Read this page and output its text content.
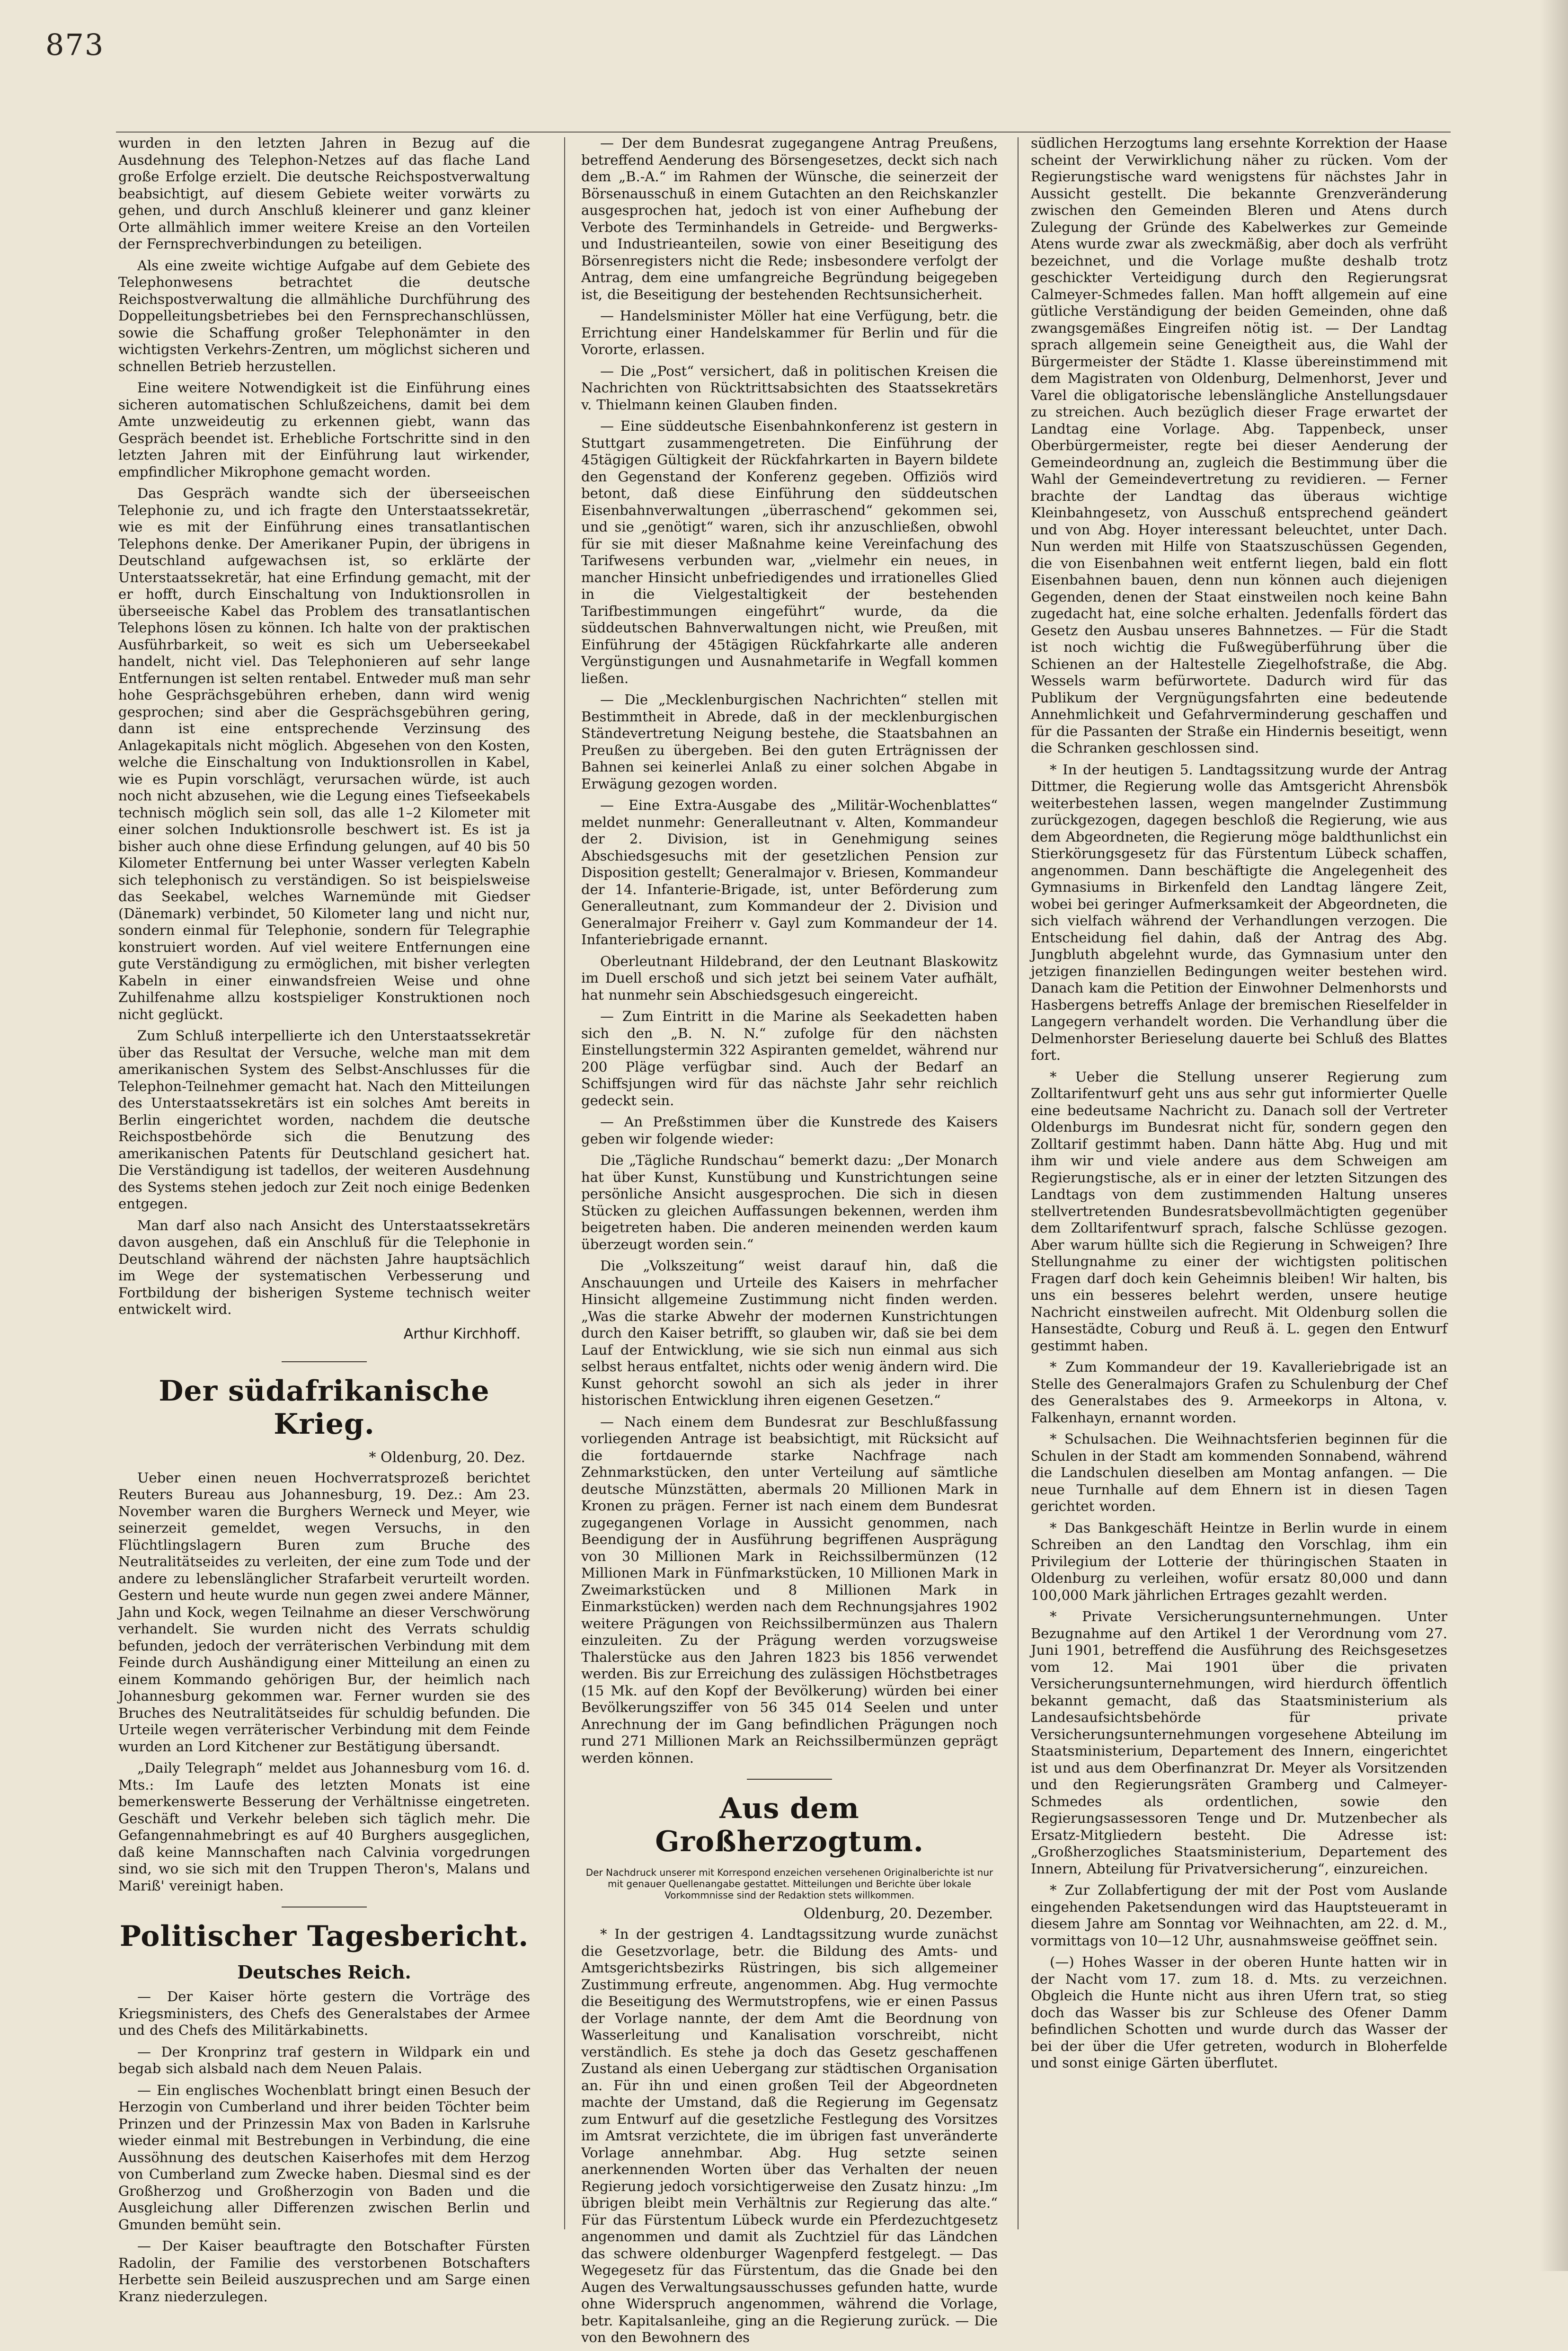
873

wurden in den letzten Jahren in Bezug auf die Ausdehnung des Telephon-Netzes auf das flache Land große Erfolge erzielt. Die deutsche Reichspostverwaltung beabsichtigt, auf diesem Gebiete weiter vorwärts zu gehen, und durch Anschluß kleinerer und ganz kleiner Orte allmählich immer weitere Kreise an den Vorteilen der Fernsprechverbindungen zu beteiligen.

Als eine zweite wichtige Aufgabe auf dem Gebiete des Telephonwesens betrachtet die deutsche Reichspostverwaltung die allmähliche Durchführung des Doppelleitungsbetriebes bei den Fernsprechanschlüssen, sowie die Schaffung großer Telephonämter in den wichtigsten Verkehrs-Zentren, um möglichst sicheren und schnellen Betrieb herzustellen.

Eine weitere Notwendigkeit ist die Einführung eines sicheren automatischen Schlußzeichens, damit bei dem Amte unzweideutig zu erkennen giebt, wann das Gespräch beendet ist. Erhebliche Fortschritte sind in den letzten Jahren mit der Einführung laut wirkender, empfindlicher Mikrophone gemacht worden.

Das Gespräch wandte sich der überseeischen Telephonie zu, und ich fragte den Unterstaatssekretär, wie es mit der Einführung eines transatlantischen Telephons denke. Der Amerikaner Pupin, der übrigens in Deutschland aufgewachsen ist, so erklärte der Unterstaatssekretär, hat eine Erfindung gemacht, mit der er hofft, durch Einschaltung von Induktionsrollen in überseeische Kabel das Problem des transatlantischen Telephons lösen zu können. Ich halte von der praktischen Ausführbarkeit, so weit es sich um Ueberseekabel handelt, nicht viel. Das Telephonieren auf sehr lange Entfernungen ist selten rentabel. Entweder muß man sehr hohe Gesprächsgebühren erheben, dann wird wenig gesprochen; sind aber die Gesprächsgebühren gering, dann ist eine entsprechende Verzinsung des Anlagekapitals nicht möglich. Abgesehen von den Kosten, welche die Einschaltung von Induktionsrollen in Kabel, wie es Pupin vorschlägt, verursachen würde, ist auch noch nicht abzusehen, wie die Legung eines Tiefseekabels technisch möglich sein soll, das alle 1–2 Kilometer mit einer solchen Induktionsrolle beschwert ist. Es ist ja bisher auch ohne diese Erfindung gelungen, auf 40 bis 50 Kilometer Entfernung bei unter Wasser verlegten Kabeln sich telephonisch zu verständigen. So ist beispielsweise das Seekabel, welches Warnemünde mit Giedser (Dänemark) verbindet, 50 Kilometer lang und nicht nur, sondern einmal für Telephonie, sondern für Telegraphie konstruiert worden. Auf viel weitere Entfernungen eine gute Verständigung zu ermöglichen, mit bisher verlegten Kabeln in einer einwandsfreien Weise und ohne Zuhilfenahme allzu kostspieliger Konstruktionen noch nicht geglückt.

Zum Schluß interpellierte ich den Unterstaatssekretär über das Resultat der Versuche, welche man mit dem amerikanischen System des Selbst-Anschlusses für die Telephon-Teilnehmer gemacht hat. Nach den Mitteilungen des Unterstaatssekretärs ist ein solches Amt bereits in Berlin eingerichtet worden, nachdem die deutsche Reichspostbehörde sich die Benutzung des amerikanischen Patents für Deutschland gesichert hat. Die Verständigung ist tadellos, der weiteren Ausdehnung des Systems stehen jedoch zur Zeit noch einige Bedenken entgegen.

Man darf also nach Ansicht des Unterstaatssekretärs davon ausgehen, daß ein Anschluß für die Telephonie in Deutschland während der nächsten Jahre hauptsächlich im Wege der systematischen Verbesserung und Fortbildung der bisherigen Systeme technisch weiter entwickelt wird.

Arthur Kirchhoff.
Der südafrikanische Krieg.
* Oldenburg, 20. Dez.

Ueber einen neuen Hochverratsprozeß berichtet Reuters Bureau aus Johannesburg, 19. Dez.: Am 23. November waren die Burghers Werneck und Meyer, wie seinerzeit gemeldet, wegen Versuchs, in den Flüchtlingslagern Buren zum Bruche des Neutralitätseides zu verleiten, der eine zum Tode und der andere zu lebenslänglicher Strafarbeit verurteilt worden. Gestern und heute wurde nun gegen zwei andere Männer, Jahn und Kock, wegen Teilnahme an dieser Verschwörung verhandelt. Sie wurden nicht des Verrats schuldig befunden, jedoch der verräterischen Verbindung mit dem Feinde durch Aushändigung einer Mitteilung an einen zu einem Kommando gehörigen Bur, der heimlich nach Johannesburg gekommen war. Ferner wurden sie des Bruches des Neutralitätseides für schuldig befunden. Die Urteile wegen verräterischer Verbindung mit dem Feinde wurden an Lord Kitchener zur Bestätigung übersandt.

„Daily Telegraph“ meldet aus Johannesburg vom 16. d. Mts.: Im Laufe des letzten Monats ist eine bemerkenswerte Besserung der Verhältnisse eingetreten. Geschäft und Verkehr beleben sich täglich mehr. Die Gefangennahmebringt es auf 40 Burghers ausgeglichen, daß keine Mannschaften nach Calvinia vorgedrungen sind, wo sie sich mit den Truppen Theron's, Malans und Mariß' vereinigt haben.

Politischer Tagesbericht.
Deutsches Reich.

— Der Kaiser hörte gestern die Vorträge des Kriegsministers, des Chefs des Generalstabes der Armee und des Chefs des Militärkabinetts.

— Der Kronprinz traf gestern in Wildpark ein und begab sich alsbald nach dem Neuen Palais.

— Ein englisches Wochenblatt bringt einen Besuch der Herzogin von Cumberland und ihrer beiden Töchter beim Prinzen und der Prinzessin Max von Baden in Karlsruhe wieder einmal mit Bestrebungen in Verbindung, die eine Aussöhnung des deutschen Kaiserhofes mit dem Herzog von Cumberland zum Zwecke haben. Diesmal sind es der Großherzog und Großherzogin von Baden und die Ausgleichung aller Differenzen zwischen Berlin und Gmunden bemüht sein.

— Der Kaiser beauftragte den Botschafter Fürsten Radolin, der Familie des verstorbenen Botschafters Herbette sein Beileid auszusprechen und am Sarge einen Kranz niederzulegen.

— Der dem Bundesrat zugegangene Antrag Preußens, betreffend Aenderung des Börsengesetzes, deckt sich nach dem „B.-A.“ im Rahmen der Wünsche, die seinerzeit der Börsenausschuß in einem Gutachten an den Reichskanzler ausgesprochen hat, jedoch ist von einer Aufhebung der Verbote des Terminhandels in Getreide- und Bergwerks- und Industrieanteilen, sowie von einer Beseitigung des Börsenregisters nicht die Rede; insbesondere verfolgt der Antrag, dem eine umfangreiche Begründung beigegeben ist, die Beseitigung der bestehenden Rechtsunsicherheit.

— Handelsminister Möller hat eine Verfügung, betr. die Errichtung einer Handelskammer für Berlin und für die Vororte, erlassen.

— Die „Post“ versichert, daß in politischen Kreisen die Nachrichten von Rücktrittsabsichten des Staatssekretärs v. Thielmann keinen Glauben finden.

— Eine süddeutsche Eisenbahnkonferenz ist gestern in Stuttgart zusammengetreten. Die Einführung der 45tägigen Gültigkeit der Rückfahrkarten in Bayern bildete den Gegenstand der Konferenz gegeben. Offiziös wird betont, daß diese Einführung den süddeutschen Eisenbahnverwaltungen „überraschend“ gekommen sei, und sie „genötigt“ waren, sich ihr anzuschließen, obwohl für sie mit dieser Maßnahme keine Vereinfachung des Tarifwesens verbunden war, „vielmehr ein neues, in mancher Hinsicht unbefriedigendes und irrationelles Glied in die Vielgestaltigkeit der bestehenden Tarifbestimmungen eingeführt“ wurde, da die süddeutschen Bahnverwaltungen nicht, wie Preußen, mit Einführung der 45tägigen Rückfahrkarte alle anderen Vergünstigungen und Ausnahmetarife in Wegfall kommen ließen.

— Die „Mecklenburgischen Nachrichten“ stellen mit Bestimmtheit in Abrede, daß in der mecklenburgischen Ständevertretung Neigung bestehe, die Staatsbahnen an Preußen zu übergeben. Bei den guten Erträgnissen der Bahnen sei keinerlei Anlaß zu einer solchen Abgabe in Erwägung gezogen worden.

— Eine Extra-Ausgabe des „Militär-Wochenblattes“ meldet nunmehr: Generalleutnant v. Alten, Kommandeur der 2. Division, ist in Genehmigung seines Abschiedsgesuchs mit der gesetzlichen Pension zur Disposition gestellt; Generalmajor v. Briesen, Kommandeur der 14. Infanterie-Brigade, ist, unter Beförderung zum Generalleutnant, zum Kommandeur der 2. Division und Generalmajor Freiherr v. Gayl zum Kommandeur der 14. Infanteriebrigade ernannt.

Oberleutnant Hildebrand, der den Leutnant Blaskowitz im Duell erschoß und sich jetzt bei seinem Vater aufhält, hat nunmehr sein Abschiedsgesuch eingereicht.

— Zum Eintritt in die Marine als Seekadetten haben sich den „B. N. N.“ zufolge für den nächsten Einstellungstermin 322 Aspiranten gemeldet, während nur 200 Pläge verfügbar sind. Auch der Bedarf an Schiffsjungen wird für das nächste Jahr sehr reichlich gedeckt sein.

— An Preßstimmen über die Kunstrede des Kaisers geben wir folgende wieder:

Die „Tägliche Rundschau“ bemerkt dazu: „Der Monarch hat über Kunst, Kunstübung und Kunstrichtungen seine persönliche Ansicht ausgesprochen. Die sich in diesen Stücken zu gleichen Auffassungen bekennen, werden ihm beigetreten haben. Die anderen meinenden werden kaum überzeugt worden sein.“

Die „Volkszeitung“ weist darauf hin, daß die Anschauungen und Urteile des Kaisers in mehrfacher Hinsicht allgemeine Zustimmung nicht finden werden. „Was die starke Abwehr der modernen Kunstrichtungen durch den Kaiser betrifft, so glauben wir, daß sie bei dem Lauf der Entwicklung, wie sie sich nun einmal aus sich selbst heraus entfaltet, nichts oder wenig ändern wird. Die Kunst gehorcht sowohl an sich als jeder in ihrer historischen Entwicklung ihren eigenen Gesetzen.“

— Nach einem dem Bundesrat zur Beschlußfassung vorliegenden Antrage ist beabsichtigt, mit Rücksicht auf die fortdauernde starke Nachfrage nach Zehnmarkstücken, den unter Verteilung auf sämtliche deutsche Münzstätten, abermals 20 Millionen Mark in Kronen zu prägen. Ferner ist nach einem dem Bundesrat zugegangenen Vorlage in Aussicht genommen, nach Beendigung der in Ausführung begriffenen Ausprägung von 30 Millionen Mark in Reichssilbermünzen (12 Millionen Mark in Fünfmarkstücken, 10 Millionen Mark in Zweimarkstücken und 8 Millionen Mark in Einmarkstücken) werden nach dem Rechnungsjahres 1902 weitere Prägungen von Reichssilbermünzen aus Thalern einzuleiten. Zu der Prägung werden vorzugsweise Thalerstücke aus den Jahren 1823 bis 1856 verwendet werden. Bis zur Erreichung des zulässigen Höchstbetrages (15 Mk. auf den Kopf der Bevölkerung) würden bei einer Bevölkerungsziffer von 56 345 014 Seelen und unter Anrechnung der im Gang befindlichen Prägungen noch rund 271 Millionen Mark an Reichssilbermünzen geprägt werden können.

Aus dem Großherzogtum.
Der Nachdruck unserer mit Korrespond enzeichen versehenen Originalberichte ist nur mit genauer Quellenangabe gestattet. Mitteilungen und Berichte über lokale Vorkommnisse sind der Redaktion stets willkommen.
Oldenburg, 20. Dezember.

* In der gestrigen 4. Landtagssitzung wurde zunächst die Gesetzvorlage, betr. die Bildung des Amts- und Amtsgerichtsbezirks Rüstringen, bis sich allgemeiner Zustimmung erfreute, angenommen. Abg. Hug vermochte die Beseitigung des Wermutstropfens, wie er einen Passus der Vorlage nannte, der dem Amt die Beordnung von Wasserleitung und Kanalisation vorschreibt, nicht verständlich. Es stehe ja doch das Gesetz geschaffenen Zustand als einen Uebergang zur städtischen Organisation an. Für ihn und einen großen Teil der Abgeordneten machte der Umstand, daß die Regierung im Gegensatz zum Entwurf auf die gesetzliche Festlegung des Vorsitzes im Amtsrat verzichtete, die im übrigen fast unveränderte Vorlage annehmbar. Abg. Hug setzte seinen anerkennenden Worten über das Verhalten der neuen Regierung jedoch vorsichtigerweise den Zusatz hinzu: „Im übrigen bleibt mein Verhältnis zur Regierung das alte.“ Für das Fürstentum Lübeck wurde ein Pferdezuchtgesetz angenommen und damit als Zuchtziel für das Ländchen das schwere oldenburger Wagenpferd festgelegt. — Das Wegegesetz für das Fürstentum, das die Gnade bei den Augen des Verwaltungsausschusses gefunden hatte, wurde ohne Widerspruch angenommen, während die Vorlage, betr. Kapitalsanleihe, ging an die Regierung zurück. — Die von den Bewohnern des

südlichen Herzogtums lang ersehnte Korrektion der Haase scheint der Verwirklichung näher zu rücken. Vom der Regierungstische ward wenigstens für nächstes Jahr in Aussicht gestellt. Die bekannte Grenzveränderung zwischen den Gemeinden Bleren und Atens durch Zulegung der Gründe des Kabelwerkes zur Gemeinde Atens wurde zwar als zweckmäßig, aber doch als verfrüht bezeichnet, und die Vorlage mußte deshalb trotz geschickter Verteidigung durch den Regierungsrat Calmeyer-Schmedes fallen. Man hofft allgemein auf eine gütliche Verständigung der beiden Gemeinden, ohne daß zwangsgemäßes Eingreifen nötig ist. — Der Landtag sprach allgemein seine Geneigtheit aus, die Wahl der Bürgermeister der Städte 1. Klasse übereinstimmend mit dem Magistraten von Oldenburg, Delmenhorst, Jever und Varel die obligatorische lebenslängliche Anstellungsdauer zu streichen. Auch bezüglich dieser Frage erwartet der Landtag eine Vorlage. Abg. Tappenbeck, unser Oberbürgermeister, regte bei dieser Aenderung der Gemeindeordnung an, zugleich die Bestimmung über die Wahl der Gemeindevertretung zu revidieren. — Ferner brachte der Landtag das überaus wichtige Kleinbahngesetz, von Ausschuß entsprechend geändert und von Abg. Hoyer interessant beleuchtet, unter Dach. Nun werden mit Hilfe von Staatszuschüssen Gegenden, die von Eisenbahnen weit entfernt liegen, bald ein flott Eisenbahnen bauen, denn nun können auch diejenigen Gegenden, denen der Staat einstweilen noch keine Bahn zugedacht hat, eine solche erhalten. Jedenfalls fördert das Gesetz den Ausbau unseres Bahnnetzes. — Für die Stadt ist noch wichtig die Fußwegüberführung über die Schienen an der Haltestelle Ziegelhofstraße, die Abg. Wessels warm befürwortete. Dadurch wird für das Publikum der Vergnügungsfahrten eine bedeutende Annehmlichkeit und Gefahrverminderung geschaffen und für die Passanten der Straße ein Hindernis beseitigt, wenn die Schranken geschlossen sind.

* In der heutigen 5. Landtagssitzung wurde der Antrag Dittmer, die Regierung wolle das Amtsgericht Ahrensbök weiterbestehen lassen, wegen mangelnder Zustimmung zurückgezogen, dagegen beschloß die Regierung, wie aus dem Abgeordneten, die Regierung möge baldthunlichst ein Stierkörungsgesetz für das Fürstentum Lübeck schaffen, angenommen. Dann beschäftigte die Angelegenheit des Gymnasiums in Birkenfeld den Landtag längere Zeit, wobei bei geringer Aufmerksamkeit der Abgeordneten, die sich vielfach während der Verhandlungen verzogen. Die Entscheidung fiel dahin, daß der Antrag des Abg. Jungbluth abgelehnt wurde, das Gymnasium unter den jetzigen finanziellen Bedingungen weiter bestehen wird. Danach kam die Petition der Einwohner Delmenhorsts und Hasbergens betreffs Anlage der bremischen Rieselfelder in Langegern verhandelt worden. Die Verhandlung über die Delmenhorster Berieselung dauerte bei Schluß des Blattes fort.

* Ueber die Stellung unserer Regierung zum Zolltarifentwurf geht uns aus sehr gut informierter Quelle eine bedeutsame Nachricht zu. Danach soll der Vertreter Oldenburgs im Bundesrat nicht für, sondern gegen den Zolltarif gestimmt haben. Dann hätte Abg. Hug und mit ihm wir und viele andere aus dem Schweigen am Regierungstische, als er in einer der letzten Sitzungen des Landtags von dem zustimmenden Haltung unseres stellvertretenden Bundesratsbevollmächtigten gegenüber dem Zolltarifentwurf sprach, falsche Schlüsse gezogen. Aber warum hüllte sich die Regierung in Schweigen? Ihre Stellungnahme zu einer der wichtigsten politischen Fragen darf doch kein Geheimnis bleiben! Wir halten, bis uns ein besseres belehrt werden, unsere heutige Nachricht einstweilen aufrecht. Mit Oldenburg sollen die Hansestädte, Coburg und Reuß ä. L. gegen den Entwurf gestimmt haben.

* Zum Kommandeur der 19. Kavalleriebrigade ist an Stelle des Generalmajors Grafen zu Schulenburg der Chef des Generalstabes des 9. Armeekorps in Altona, v. Falkenhayn, ernannt worden.

* Schulsachen. Die Weihnachtsferien beginnen für die Schulen in der Stadt am kommenden Sonnabend, während die Landschulen dieselben am Montag anfangen. — Die neue Turnhalle auf dem Ehnern ist in diesen Tagen gerichtet worden.

* Das Bankgeschäft Heintze in Berlin wurde in einem Schreiben an den Landtag den Vorschlag, ihm ein Privilegium der Lotterie der thüringischen Staaten in Oldenburg zu verleihen, wofür ersatz 80,000 und dann 100,000 Mark jährlichen Ertrages gezahlt werden.

* Private Versicherungsunternehmungen. Unter Bezugnahme auf den Artikel 1 der Verordnung vom 27. Juni 1901, betreffend die Ausführung des Reichsgesetzes vom 12. Mai 1901 über die privaten Versicherungsunternehmungen, wird hierdurch öffentlich bekannt gemacht, daß das Staatsministerium als Landesaufsichtsbehörde für private Versicherungsunternehmungen vorgesehene Abteilung im Staatsministerium, Departement des Innern, eingerichtet ist und aus dem Oberfinanzrat Dr. Meyer als Vorsitzenden und den Regierungsräten Gramberg und Calmeyer-Schmedes als ordentlichen, sowie den Regierungsassessoren Tenge und Dr. Mutzenbecher als Ersatz-Mitgliedern besteht. Die Adresse ist: „Großherzogliches Staatsministerium, Departement des Innern, Abteilung für Privatversicherung“, einzureichen.

* Zur Zollabfertigung der mit der Post vom Auslande eingehenden Paketsendungen wird das Hauptsteueramt in diesem Jahre am Sonntag vor Weihnachten, am 22. d. M., vormittags von 10—12 Uhr, ausnahmsweise geöffnet sein.

(—) Hohes Wasser in der oberen Hunte hatten wir in der Nacht vom 17. zum 18. d. Mts. zu verzeichnen. Obgleich die Hunte nicht aus ihren Ufern trat, so stieg doch das Wasser bis zur Schleuse des Ofener Damm befindlichen Schotten und wurde durch das Wasser der bei der über die Ufer getreten, wodurch in Bloherfelde und sonst einige Gärten überflutet.
